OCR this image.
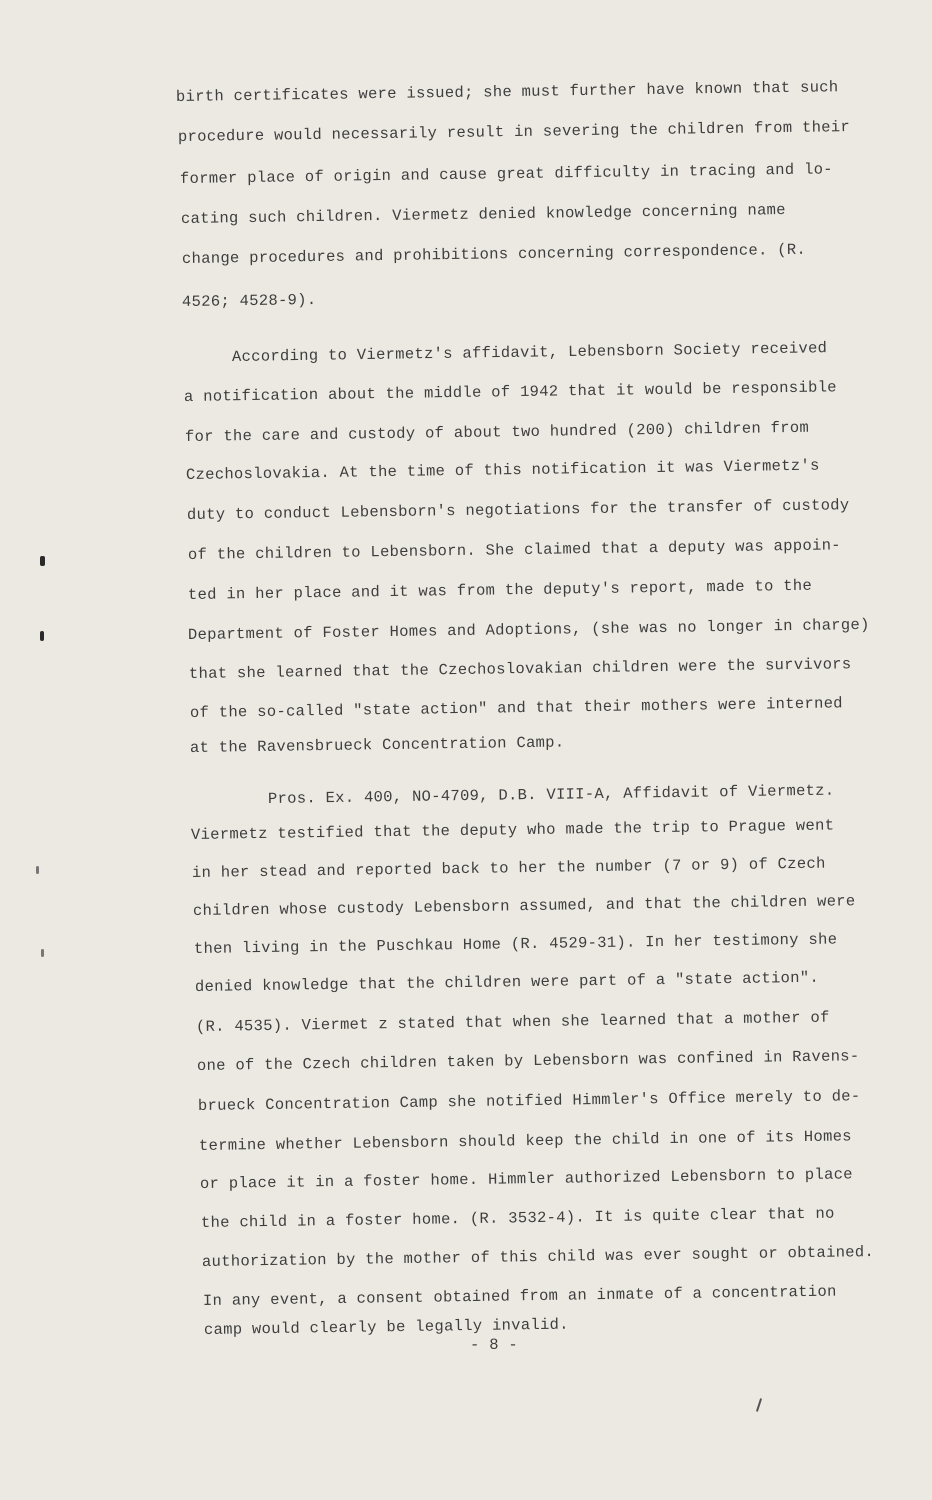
birth certificates were issued; she must further have known that such
procedure would necessarily result in severing the children from their
former place of origin and cause great difficulty in tracing and lo-
cating such children. Viermetz denied knowledge concerning name
change procedures and prohibitions concerning correspondence. (R.
4526; 4528-9).
According to Viermetz's affidavit, Lebensborn Society received
a notification about the middle of 1942 that it would be responsible
for the care and custody of about two hundred (200) children from
Czechoslovakia. At the time of this notification it was Viermetz's
duty to conduct Lebensborn's negotiations for the transfer of custody
of the children to Lebensborn. She claimed that a deputy was appoin-
ted in her place and it was from the deputy's report, made to the
Department of Foster Homes and Adoptions, (she was no longer in charge)
that she learned that the Czechoslovakian children were the survivors
of the so-called "state action" and that their mothers were interned
at the Ravensbrueck Concentration Camp.
Pros. Ex. 400, NO-4709, D.B. VIII-A, Affidavit of Viermetz.
Viermetz testified that the deputy who made the trip to Prague went
in her stead and reported back to her the number (7 or 9) of Czech
children whose custody Lebensborn assumed, and that the children were
then living in the Puschkau Home (R. 4529-31). In her testimony she
denied knowledge that the children were part of a "state action".
(R. 4535). Viermet z stated that when she learned that a mother of
one of the Czech children taken by Lebensborn was confined in Ravens-
brueck Concentration Camp she notified Himmler's Office merely to de-
termine whether Lebensborn should keep the child in one of its Homes
or place it in a foster home. Himmler authorized Lebensborn to place
the child in a foster home. (R. 3532-4). It is quite clear that no
authorization by the mother of this child was ever sought or obtained.
In any event, a consent obtained from an inmate of a concentration
camp would clearly be legally invalid.
- 8 -
